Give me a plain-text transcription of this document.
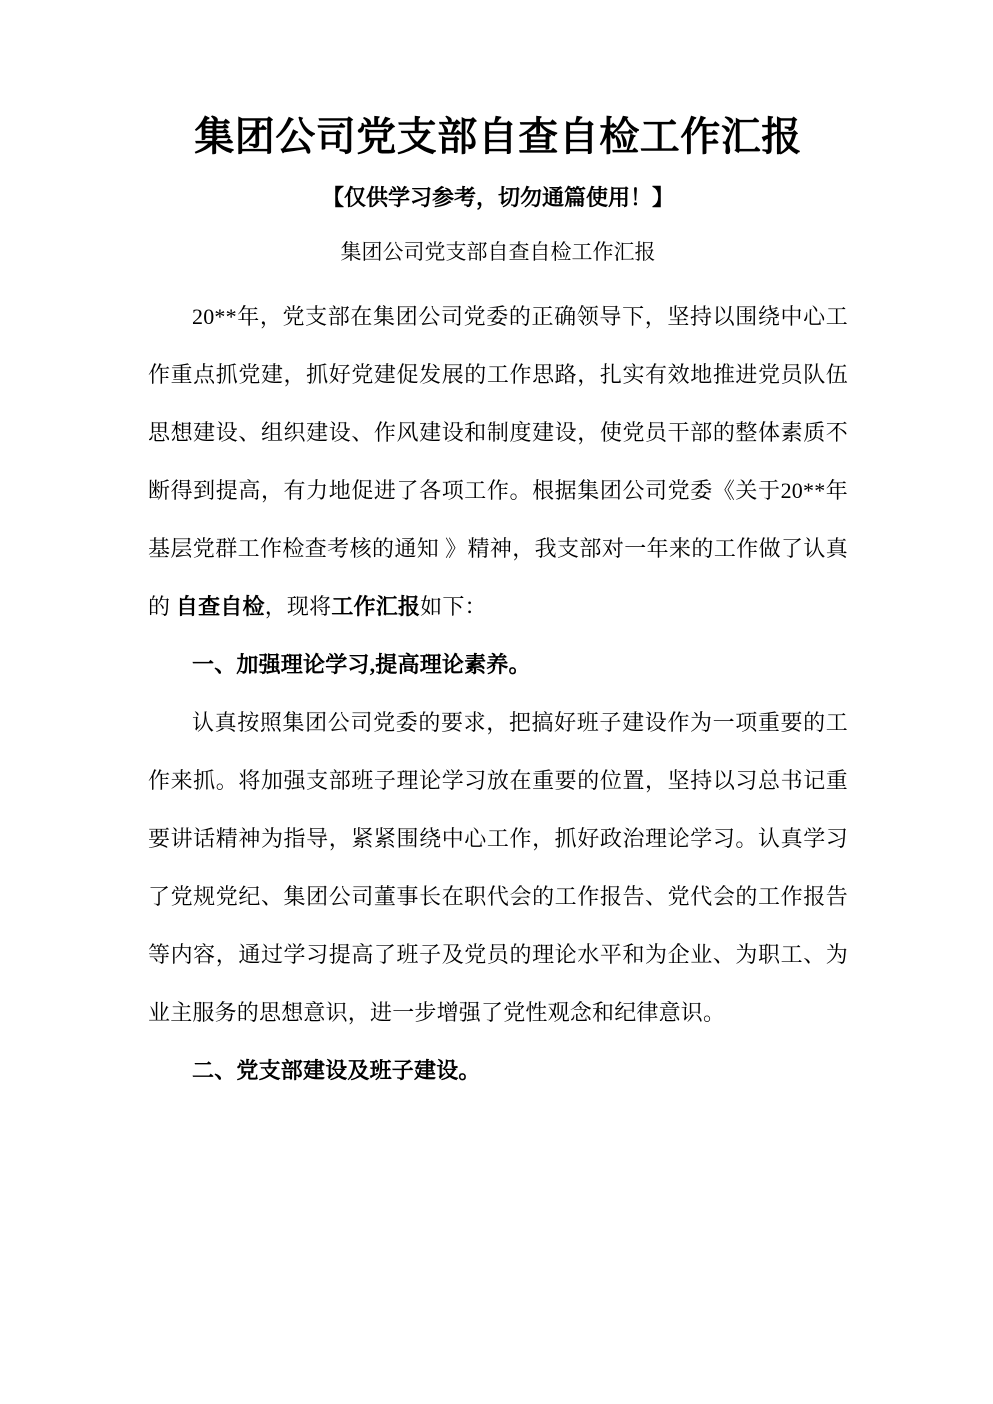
集团公司党支部自查自检工作汇报
【仅供学习参考，切勿通篇使用！】
集团公司党支部自查自检工作汇报

20**年，党支部在集团公司党委的正确领导下，坚持以围绕中心工作重点抓党建，抓好党建促发展的工作思路，扎实有效地推进党员队伍思想建设、组织建设、作风建设和制度建设，使党员干部的整体素质不断得到提高，有力地促进了各项工作。根据集团公司党委《关于20**年基层党群工作检查考核的通知 》精神，我支部对一年来的工作做了认真的 自查自检，现将工作汇报如下：

一、加强理论学习,提高理论素养。

认真按照集团公司党委的要求，把搞好班子建设作为一项重要的工作来抓。将加强支部班子理论学习放在重要的位置，坚持以习总书记重要讲话精神为指导，紧紧围绕中心工作，抓好政治理论学习。认真学习了党规党纪、集团公司董事长在职代会的工作报告、党代会的工作报告等内容，通过学习提高了班子及党员的理论水平和为企业、为职工、为业主服务的思想意识，进一步增强了党性观念和纪律意识。

二、党支部建设及班子建设。
